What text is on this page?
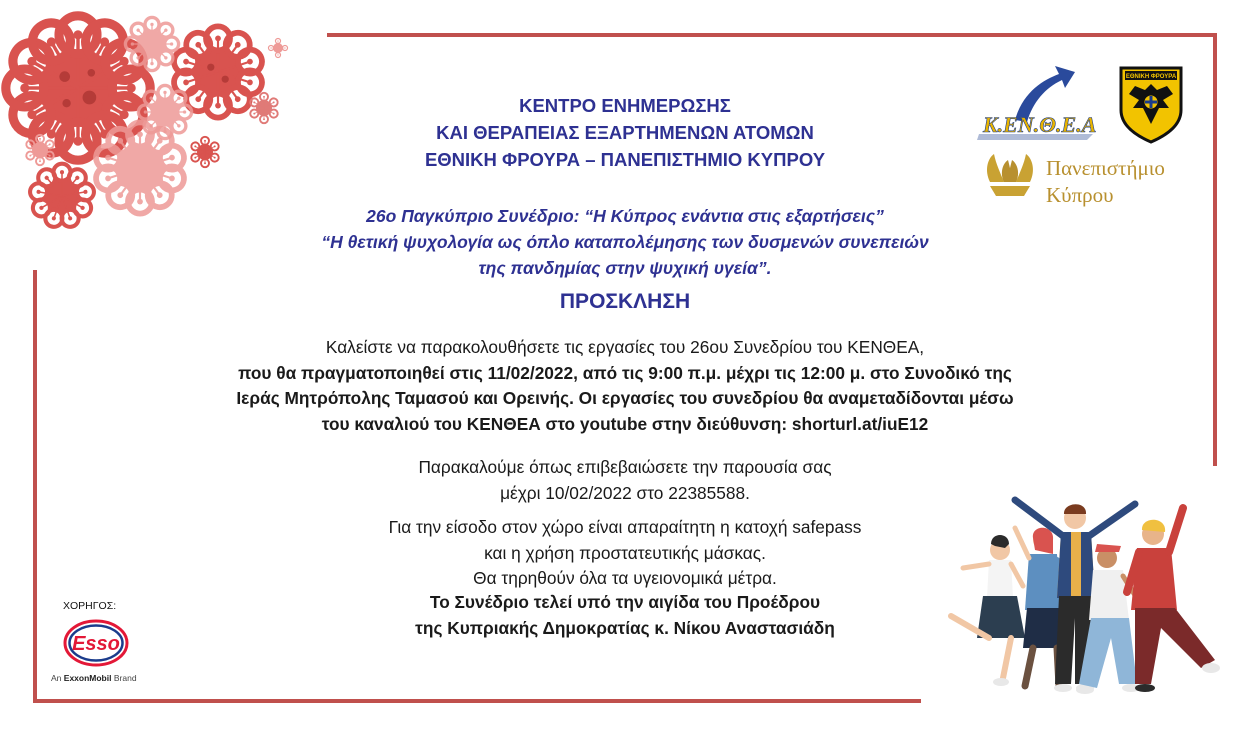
ΚΕΝΤΡΟ ΕΝΗΜΕΡΩΣΗΣ
ΚΑΙ ΘΕΡΑΠΕΙΑΣ ΕΞΑΡΤΗΜΕΝΩΝ ΑΤΟΜΩΝ
ΕΘΝΙΚΗ ΦΡΟΥΡΑ – ΠΑΝΕΠΙΣΤΗΜΙΟ ΚΥΠΡΟΥ
26ο Παγκύπριο Συνέδριο: “Η Κύπρος ενάντια στις εξαρτήσεις”
“Η θετική ψυχολογία ως όπλο καταπολέμησης των δυσμενών συνεπειών
της πανδημίας στην ψυχική υγεία”.
ΠΡΟΣΚΛΗΣΗ
Καλείστε να παρακολουθήσετε τις εργασίες του 26ου Συνεδρίου του ΚΕΝΘΕΑ,
που θα πραγματοποιηθεί στις 11/02/2022, από τις 9:00 π.μ. μέχρι τις 12:00 μ. στο Συνοδικό της
Ιεράς Μητρόπολης Ταμασού και Ορεινής. Οι εργασίες του συνεδρίου θα αναμεταδίδονται μέσω
του καναλιού του ΚΕΝΘΕΑ στο youtube στην διεύθυνση: shorturl.at/iuE12
Παρακαλούμε όπως επιβεβαιώσετε την παρουσία σας
μέχρι 10/02/2022 στο 22385588.
Για την είσοδο στον χώρο είναι απαραίτητη η κατοχή safepass
και η χρήση προστατευτικής μάσκας.
Θα τηρηθούν όλα τα υγειονομικά μέτρα.
Το Συνέδριο τελεί υπό την αιγίδα του Προέδρου
της Κυπριακής Δημοκρατίας κ. Νίκου Αναστασιάδη
ΧΟΡΗΓΟΣ:
Esso
An ExxonMobil Brand
Κ.ΕΝ.Θ.Ε.Α
ΕΘΝΙΚΗ ΦΡΟΥΡΑ
Πανεπιστήμιο
Κύπρου
